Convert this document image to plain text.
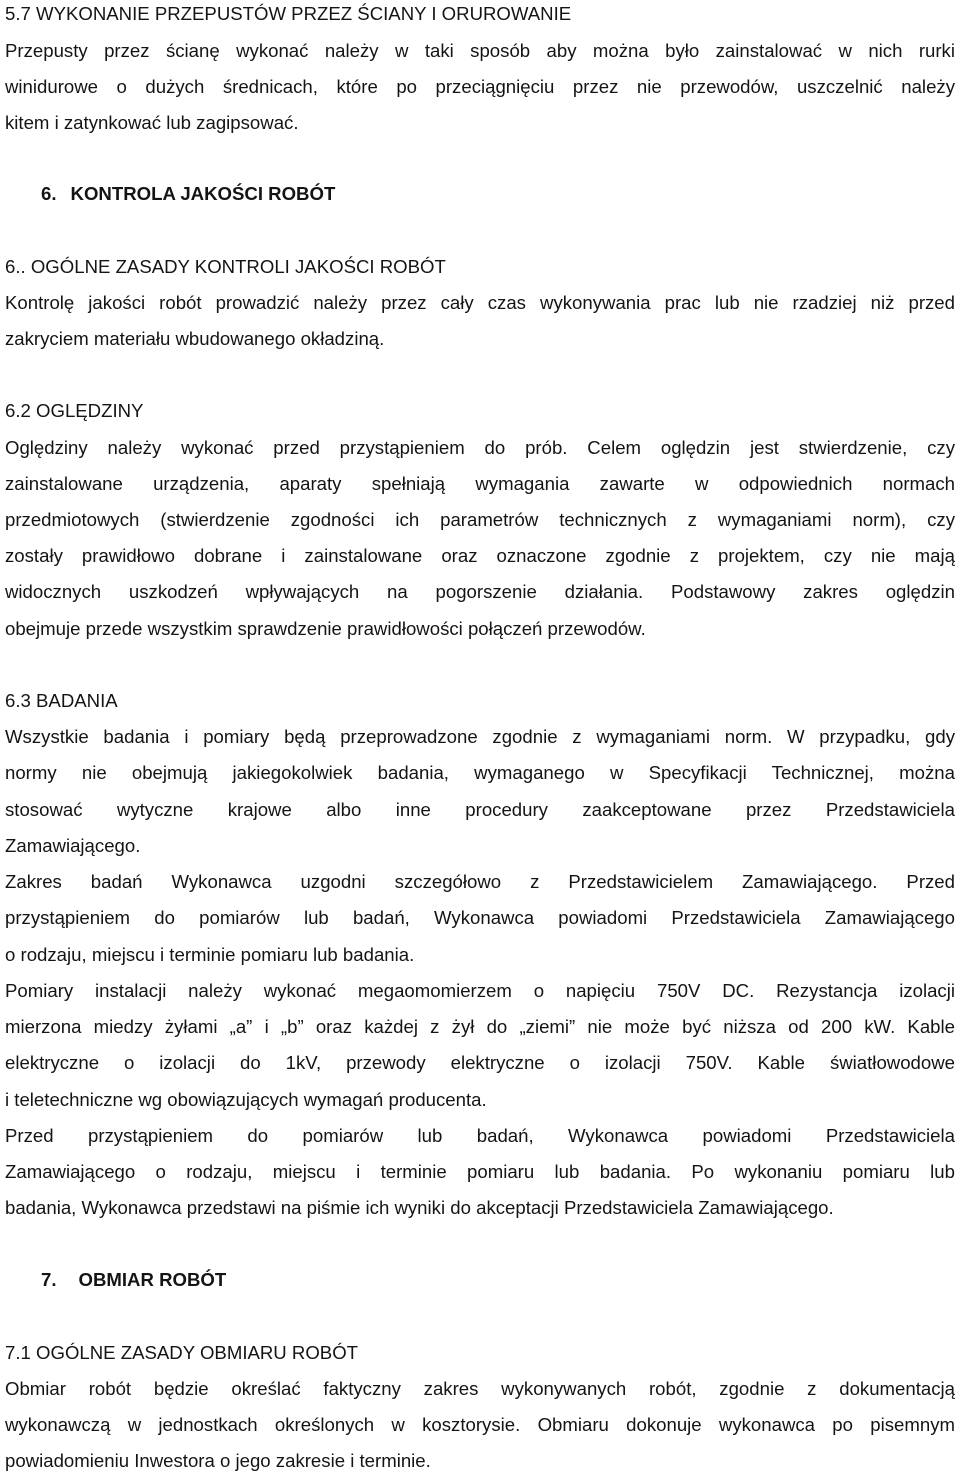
5.7 WYKONANIE PRZEPUSTÓW PRZEZ ŚCIANY I ORUROWANIE
Przepusty przez ścianę wykonać należy w taki sposób aby można było zainstalować w nich rurki
winidurowe o dużych średnicach, które po przeciągnięciu przez nie przewodów, uszczelnić należy
kitem i zatynkować lub zagipsować.
6. KONTROLA JAKOŚCI ROBÓT
6.. OGÓLNE ZASADY KONTROLI JAKOŚCI ROBÓT
Kontrolę jakości robót prowadzić należy przez cały czas wykonywania prac lub nie rzadziej niż przed
zakryciem materiału wbudowanego okładziną.
6.2 OGLĘDZINY
Oględziny należy wykonać przed przystąpieniem do prób. Celem oględzin jest stwierdzenie, czy
zainstalowane urządzenia, aparaty spełniają wymagania zawarte w odpowiednich normach
przedmiotowych (stwierdzenie zgodności ich parametrów technicznych z wymaganiami norm), czy
zostały prawidłowo dobrane i zainstalowane oraz oznaczone zgodnie z projektem, czy nie mają
widocznych uszkodzeń wpływających na pogorszenie działania. Podstawowy zakres oględzin
obejmuje przede wszystkim sprawdzenie prawidłowości połączeń przewodów.
6.3 BADANIA
Wszystkie badania i pomiary będą przeprowadzone zgodnie z wymaganiami norm. W przypadku, gdy
normy nie obejmują jakiegokolwiek badania, wymaganego w Specyfikacji Technicznej, można
stosować wytyczne krajowe albo inne procedury zaakceptowane przez Przedstawiciela
Zamawiającego.
Zakres badań Wykonawca uzgodni szczegółowo z Przedstawicielem Zamawiającego. Przed
przystąpieniem do pomiarów lub badań, Wykonawca powiadomi Przedstawiciela Zamawiającego
o rodzaju, miejscu i terminie pomiaru lub badania.
Pomiary instalacji należy wykonać megaomomierzem o napięciu 750V DC. Rezystancja izolacji
mierzona miedzy żyłami „a” i „b” oraz każdej z żył do „ziemi” nie może być niższa od 200 kW. Kable
elektryczne o izolacji do 1kV, przewody elektryczne o izolacji 750V. Kable światłowodowe
i teletechniczne wg obowiązujących wymagań producenta.
Przed przystąpieniem do pomiarów lub badań, Wykonawca powiadomi Przedstawiciela
Zamawiającego o rodzaju, miejscu i terminie pomiaru lub badania. Po wykonaniu pomiaru lub
badania, Wykonawca przedstawi na piśmie ich wyniki do akceptacji Przedstawiciela Zamawiającego.
7. OBMIAR ROBÓT
7.1 OGÓLNE ZASADY OBMIARU ROBÓT
Obmiar robót będzie określać faktyczny zakres wykonywanych robót, zgodnie z dokumentacją
wykonawczą w jednostkach określonych w kosztorysie. Obmiaru dokonuje wykonawca po pisemnym
powiadomieniu Inwestora o jego zakresie i terminie.
